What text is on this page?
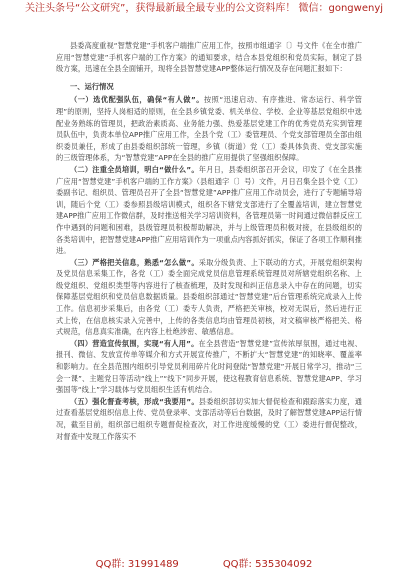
关注头条号“公文研究”，获得最新最全最专业的公文资料库！ 微信：gongwenyj

县委高度重视“智慧党建”手机客户端推广应用工作，按照市组通字〔〕号文件《在全市推广应用“智慧党建”手机客户端的工作方案》的通知要求，结合本县党组织和党员实际，制定了县级方案，迅速在全县全面铺开，现将全县智慧党建APP整体运行情况及存在问题汇报如下：

一、运行情况

（一）选优配强队伍，确保“有人做”。按照“迅速启动、有序推进、常态运行、科学管理”的原则，坚持人岗相适的原则，在全县乡镇党委、机关单位、学校、企业等基层党组织中选配业务熟练的管理员，把政治素质高、业务能力强、热爱基层党建工作的优秀党员充实到管理员队伍中，负责本单位APP推广应用工作，全县个党（工）委管理员、个党支部管理员全部由组织委员兼任，形成了由县委组织部统一管理，乡镇（街道）党（工）委具体负责、党支部实施的三级管理体系，为“智慧党建”APP在全县的推广应用提供了坚强组织保障。

（二）注重全员培训，明白“做什么”。年月日，县委组织部召开会议，印发了《在全县推广应用“智慧党建”手机客户端的工作方案》（县组通字〔〕号）文件，月日召集全县个党（工）委副书记、组织员、管理员召开了全县“智慧党建”APP推广应用工作动员会，进行了专题辅导培训，随后个党（工）委参照县级培训模式，组织各下辖党支部进行了全覆盖培训，建立智慧党建APP推广应用工作微信群，及时推送相关学习培训资料，各管理员第一时间通过微信群反应工作中遇到的问题和困难，县级管理员积极帮助解决，并与上级管理员积极对接，在县级组织的各类培训中，把智慧党建APP推广应用培训作为一项重点内容抓好抓实，保证了各项工作顺利推进。

（三）严格把关信息，熟悉“怎么做”。采取分级负责、上下联动的方式，开展党组织架构及党员信息采集工作，各党（工）委全面完成党员信息管理系统管理员对所辖党组织名称、上级党组织、党组织类型等内容进行了核查梳理，及时发现和纠正信息录入中存在的问题，切实保障基层党组织和党员信息数据质量。县委组织部通过“智慧党建”后台管理系统完成录入上传工作。信息初步采集后，由各党（工）委专人负责，严格把关审核，校对无误后，然后进行正式上传，在信息核实录入完善中，上传的各类信息均由管理员初核，对文稿审核严格把关、格式规范，信息真实准确，在内容上杜绝涉密、敏感信息。

（四）营造宣传氛围，实现“有人用”。在全县营造“智慧党建”宣传浓厚氛围，通过电视、报刊、微信、发放宣传单等媒介和方式开展宣传推广，不断扩大“智慧党建”的知晓率、覆盖率和影响力。在全县范围内组织引导党员利用碎片化时间登陆“智慧党建”开展日常学习，推动“三会一课”、主题党日等活动“线上”“线下”同步开展，使这程教育信息系统、智慧党建APP、学习强国等“线上”学习载体与党员组织生活有机结合。

（五）强化督查考核，形成“我要用”。县委组织部切实加大督促检查和跟踪落实力度，通过查看基层党组织信息上传、党员登录率、支部活动等后台数据，及时了解智慧党建APP运行情况，截至目前，组织部已组织专题督促检查次，对工作进度缓慢的党（工）委进行督促整改，对督查中发现工作落实不

QQ群: 31991489	QQ群: 535304092
